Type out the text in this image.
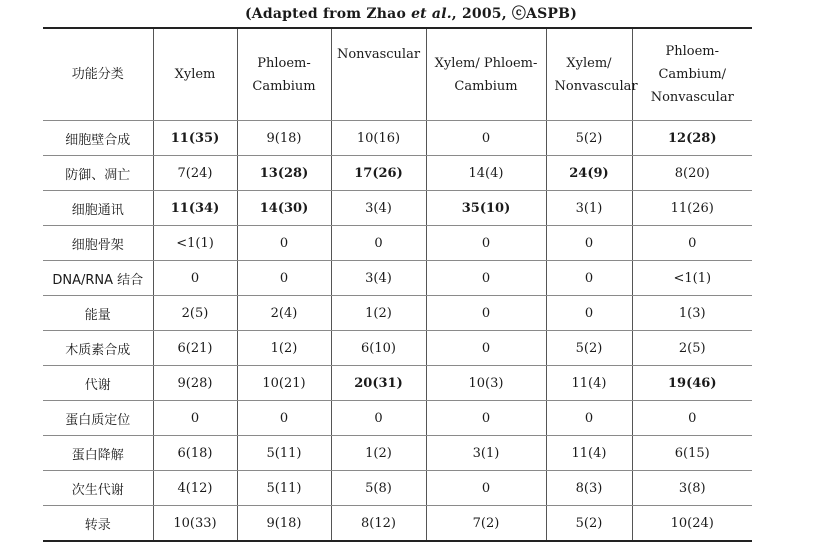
(Adapted from Zhao et al., 2005, ⓒASPB)
功能分类	Xylem	Phloem-Cambium	Nonvascular	Xylem/ Phloem-Cambium	Xylem/ Nonvascular	Phloem-Cambium/ Nonvascular
细胞壁合成	11(35)	9(18)	10(16)	0	5(2)	12(28)
防御、凋亡	7(24)	13(28)	17(26)	14(4)	24(9)	8(20)
细胞通讯	11(34)	14(30)	3(4)	35(10)	3(1)	11(26)
细胞骨架	<1(1)	0	0	0	0	0
DNA/RNA 结合	0	0	3(4)	0	0	<1(1)
能量	2(5)	2(4)	1(2)	0	0	1(3)
木质素合成	6(21)	1(2)	6(10)	0	5(2)	2(5)
代谢	9(28)	10(21)	20(31)	10(3)	11(4)	19(46)
蛋白质定位	0	0	0	0	0	0
蛋白降解	6(18)	5(11)	1(2)	3(1)	11(4)	6(15)
次生代谢	4(12)	5(11)	5(8)	0	8(3)	3(8)
转录	10(33)	9(18)	8(12)	7(2)	5(2)	10(24)
